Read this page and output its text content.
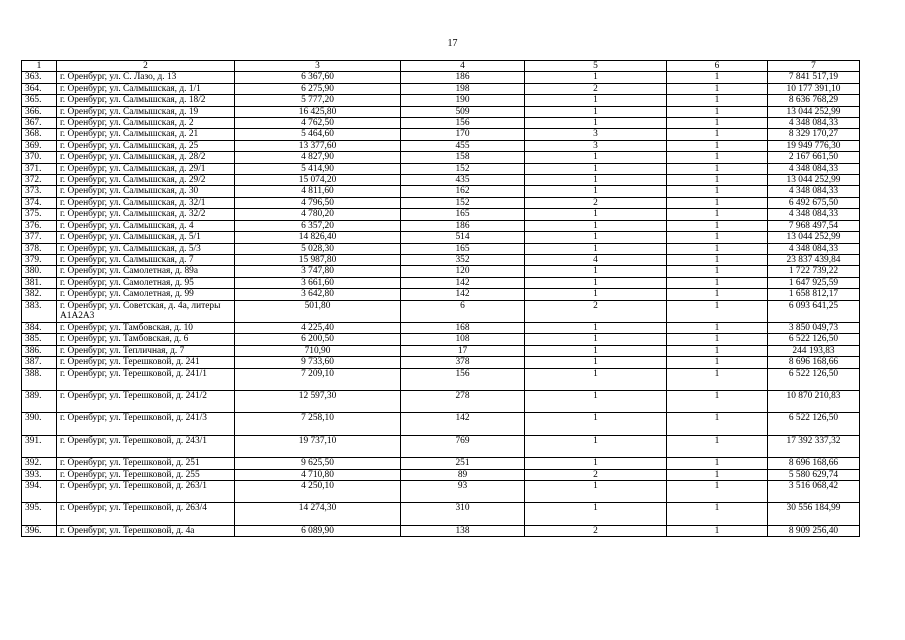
17
1	2	3	4	5	6	7
363.	г. Оренбург, ул. С. Лазо, д. 13	6 367,60	186	1	1	7 841 517,19
364.	г. Оренбург, ул. Салмышская, д. 1/1	6 275,90	198	2	1	10 177 391,10
365.	г. Оренбург, ул. Салмышская, д. 18/2	5 777,20	190	1	1	8 636 768,29
366.	г. Оренбург, ул. Салмышская, д. 19	16 425,80	509	1	1	13 044 252,99
367.	г. Оренбург, ул. Салмышская, д. 2	4 762,50	156	1	1	4 348 084,33
368.	г. Оренбург, ул. Салмышская, д. 21	5 464,60	170	3	1	8 329 170,27
369.	г. Оренбург, ул. Салмышская, д. 25	13 377,60	455	3	1	19 949 776,30
370.	г. Оренбург, ул. Салмышская, д. 28/2	4 827,90	158	1	1	2 167 661,50
371.	г. Оренбург, ул. Салмышская, д. 29/1	5 414,90	152	1	1	4 348 084,33
372.	г. Оренбург, ул. Салмышская, д. 29/2	15 074,20	435	1	1	13 044 252,99
373.	г. Оренбург, ул. Салмышская, д. 30	4 811,60	162	1	1	4 348 084,33
374.	г. Оренбург, ул. Салмышская, д. 32/1	4 796,50	152	2	1	6 492 675,50
375.	г. Оренбург, ул. Салмышская, д. 32/2	4 780,20	165	1	1	4 348 084,33
376.	г. Оренбург, ул. Салмышская, д. 4	6 357,20	186	1	1	7 968 497,54
377.	г. Оренбург, ул. Салмышская, д. 5/1	14 826,40	514	1	1	13 044 252,99
378.	г. Оренбург, ул. Салмышская, д. 5/3	5 028,30	165	1	1	4 348 084,33
379.	г. Оренбург, ул. Салмышская, д. 7	15 987,80	352	4	1	23 837 439,84
380.	г. Оренбург, ул. Самолетная, д. 89а	3 747,80	120	1	1	1 722 739,22
381.	г. Оренбург, ул. Самолетная, д. 95	3 661,60	142	1	1	1 647 925,59
382.	г. Оренбург, ул. Самолетная, д. 99	3 642,80	142	1	1	1 658 812,17
383.	г. Оренбург, ул. Советская, д. 4а, литеры А1А2А3	501,80	6	2	1	6 093 641,25
384.	г. Оренбург, ул. Тамбовская, д. 10	4 225,40	168	1	1	3 850 049,73
385.	г. Оренбург, ул. Тамбовская, д. 6	6 200,50	108	1	1	6 522 126,50
386.	г. Оренбург, ул. Тепличная, д. 7	710,90	17	1	1	244 193,83
387.	г. Оренбург, ул. Терешковой, д. 241	9 733,60	378	1	1	8 696 168,66
388.	г. Оренбург, ул. Терешковой, д. 241/1	7 209,10	156	1	1	6 522 126,50
389.	г. Оренбург, ул. Терешковой, д. 241/2	12 597,30	278	1	1	10 870 210,83
390.	г. Оренбург, ул. Терешковой, д. 241/3	7 258,10	142	1	1	6 522 126,50
391.	г. Оренбург, ул. Терешковой, д. 243/1	19 737,10	769	1	1	17 392 337,32
392.	г. Оренбург, ул. Терешковой, д. 251	9 625,50	251	1	1	8 696 168,66
393.	г. Оренбург, ул. Терешковой, д. 255	4 710,80	89	2	1	5 580 629,74
394.	г. Оренбург, ул. Терешковой, д. 263/1	4 250,10	93	1	1	3 516 068,42
395.	г. Оренбург, ул. Терешковой, д. 263/4	14 274,30	310	1	1	30 556 184,99
396.	г. Оренбург, ул. Терешковой, д. 4а	6 089,90	138	2	1	8 909 256,40
